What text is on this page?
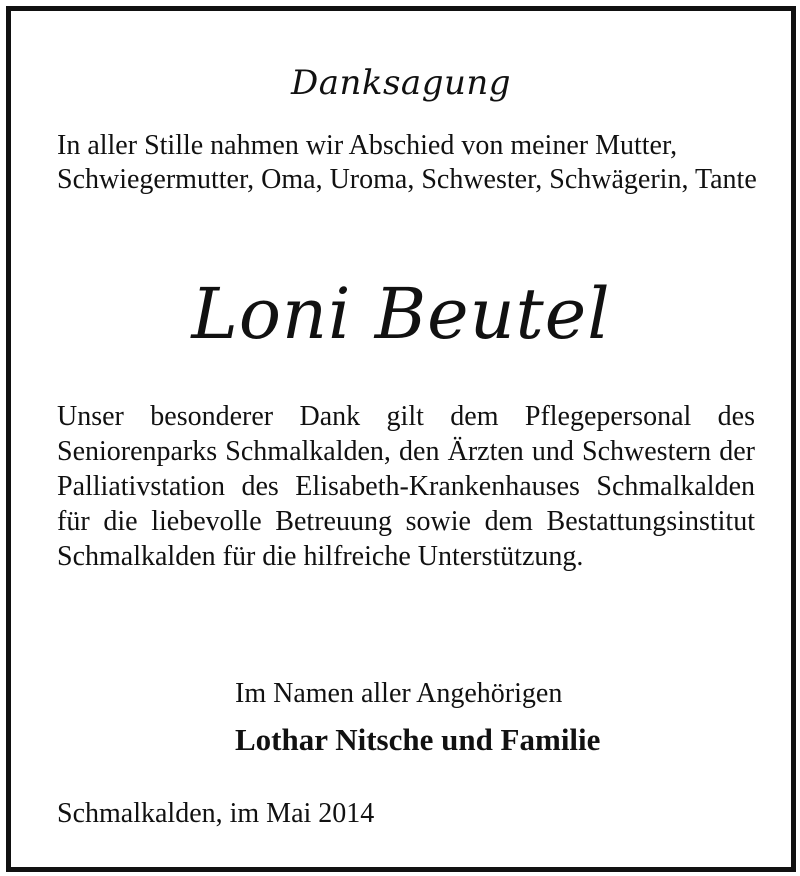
Danksagung

In aller Stille nahmen wir Abschied von meiner Mutter, Schwiegermutter, Oma, Uroma, Schwester, Schwägerin, Tante

Loni Beutel

Unser besonderer Dank gilt dem Pflegepersonal des Seniorenparks Schmalkalden, den Ärzten und Schwestern der Palliativstation des Elisabeth-Krankenhauses Schmalkalden für die liebevolle Betreuung sowie dem Bestattungsinstitut Schmalkalden für die hilfreiche Unterstützung.

Im Namen aller Angehörigen
Lothar Nitsche und Familie
Schmalkalden, im Mai 2014
